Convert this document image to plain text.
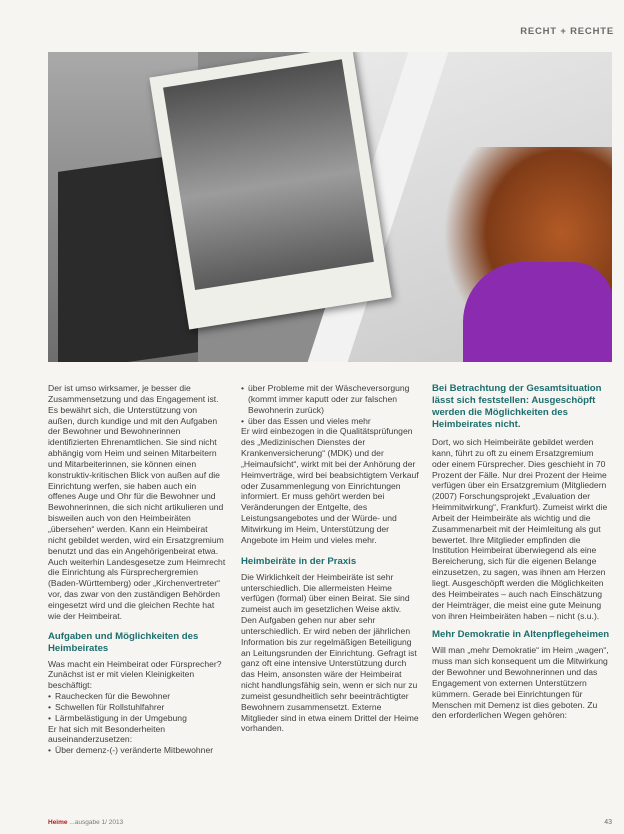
RECHT + RECHTE

Der ist umso wirksamer, je besser die Zusammensetzung und das Engagement ist. Es bewährt sich, die Unterstützung von außen, durch kundige und mit den Aufgaben der Bewohner und Bewohnerinnen identifizierten Ehrenamtlichen. Sie sind nicht abhängig vom Heim und seinen Mitarbeitern und Mitarbeiterinnen, sie können einen konstruktiv-kritischen Blick von außen auf die Einrichtung werfen, sie haben auch ein offenes Auge und Ohr für die Bewohner und Bewohnerinnen, die sich nicht artikulieren und bisweilen auch von den Heimbeiräten „übersehen“ werden. Kann ein Heimbeirat nicht gebildet werden, wird ein Ersatzgremium benutzt und das ein Angehörigenbeirat etwa. Auch weiterhin Landesgesetze zum Heimrecht die Einrichtung als Fürsprechergremien (Baden-Württemberg) oder „Kirchenvertreter“ vor, das zwar von den zuständigen Behörden eingesetzt wird und die gleichen Rechte hat wie der Heimbeirat.

Aufgaben und Möglichkeiten des Heimbeirates

Was macht ein Heimbeirat oder Fürsprecher? Zunächst ist er mit vielen Kleinigkeiten beschäftigt:

• Rauchecken für die Bewohner
• Schwellen für Rollstuhlfahrer
• Lärmbelästigung in der Umgebung

Er hat sich mit Besonderheiten auseinanderzusetzen:

• Über demenz-(-) veränderte Mitbewohner
• über Probleme mit der Wäscheversorgung (kommt immer kaputt oder zur falschen Bewohnerin zurück)
• über das Essen und vieles mehr

Er wird einbezogen in die Qualitätsprüfungen des „Medizinischen Dienstes der Krankenversicherung“ (MDK) und der „Heimaufsicht“, wirkt mit bei der Anhörung der Heimverträge, wird bei beabsichtigtem Verkauf oder Zusammenlegung von Einrichtungen informiert. Er muss gehört werden bei Veränderungen der Entgelte, des Leistungsangebotes und der Würde- und Mitwirkung im Heim, Unterstützung der Angebote im Heim und vieles mehr.

Heimbeiräte in der Praxis

Die Wirklichkeit der Heimbeiräte ist sehr unterschiedlich. Die allermeisten Heime verfügen (formal) über einen Beirat. Sie sind zumeist auch im gesetzlichen Weise aktiv. Den Aufgaben gehen nur aber sehr unterschiedlich. Er wird neben der jährlichen Information bis zur regelmäßigen Beteiligung an Leitungsrunden der Einrichtung. Gefragt ist ganz oft eine intensive Unterstützung durch das Heim, ansonsten wäre der Heimbeirat nicht handlungsfähig sein, wenn er sich nur zu zumeist gesundheitlich sehr beeinträchtigter Bewohnern zusammensetzt. Externe Mitglieder sind in etwa einem Drittel der Heime vorhanden.

Bei Betrachtung der Gesamtsituation lässt sich feststellen: Ausgeschöpft werden die Möglichkeiten des Heimbeirates nicht.

Dort, wo sich Heimbeiräte gebildet werden kann, führt zu oft zu einem Ersatzgremium oder einem Fürsprecher. Dies geschieht in 70 Prozent der Fälle. Nur drei Prozent der Heime verfügen über ein Ersatzgremium (Mitgliedern (2007) Forschungsprojekt „Evaluation der Heimmitwirkung“, Frankfurt). Zumeist wirkt die Arbeit der Heimbeiräte als wichtig und die Zusammenarbeit mit der Heimleitung als gut bewertet. Ihre Mitglieder empfinden die Institution Heimbeirat überwiegend als eine Bereicherung, sich für die eigenen Belange einzusetzen, zu sagen, was ihnen am Herzen liegt. Ausgeschöpft werden die Möglichkeiten des Heimbeirates – auch nach Einschätzung der Heimträger, die meist eine gute Meinung von ihren Heimbeiräten haben – nicht (s.u.).

Mehr Demokratie in Altenpflegeheimen

Will man „mehr Demokratie“ im Heim „wagen“, muss man sich konsequent um die Mitwirkung der Bewohner und Bewohnerinnen und das Engagement von externen Unterstützern kümmern. Gerade bei Einrichtungen für Menschen mit Demenz ist dies geboten. Zu den erforderlichen Wegen gehören:

Heime ...ausgabe 1/ 2013	43
